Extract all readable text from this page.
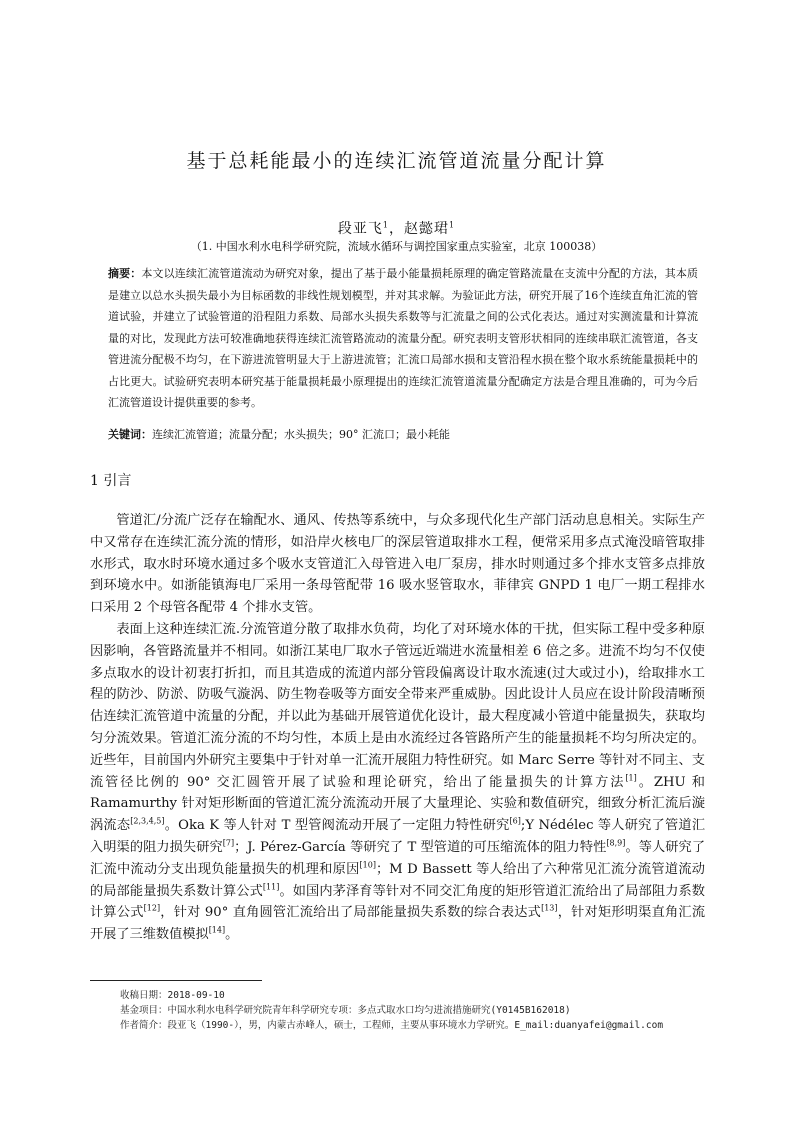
基于总耗能最小的连续汇流管道流量分配计算
段亚飞$^1$，赵懿珺$^1$
（1. 中国水利水电科学研究院，流域水循环与调控国家重点实验室，北京 100038）
摘要：本文以连续汇流管道流动为研究对象，提出了基于最小能量损耗原理的确定管路流量在支流中分配的方法，其本质是建立以总水头损失最小为目标函数的非线性规划模型，并对其求解。为验证此方法，研究开展了16个连续直角汇流的管道试验，并建立了试验管道的沿程阻力系数、局部水头损失系数等与汇流量之间的公式化表达。通过对实测流量和计算流量的对比，发现此方法可较准确地获得连续汇流管路流动的流量分配。研究表明支管形状相同的连续串联汇流管道，各支管进流分配极不均匀，在下游进流管明显大于上游进流管；汇流口局部水损和支管沿程水损在整个取水系统能量损耗中的占比更大。试验研究表明本研究基于能量损耗最小原理提出的连续汇流管道流量分配确定方法是合理且准确的，可为今后汇流管道设计提供重要的参考。
关键词：连续汇流管道；流量分配；水头损失；90° 汇流口；最小耗能
1 引言

管道汇/分流广泛存在输配水、通风、传热等系统中，与众多现代化生产部门活动息息相关。实际生产中又常存在连续汇流分流的情形，如沿岸火核电厂的深层管道取排水工程，便常采用多点式淹没暗管取排水形式，取水时环境水通过多个吸水支管道汇入母管进入电厂泵房，排水时则通过多个排水支管多点排放到环境水中。如浙能镇海电厂采用一条母管配带 16 吸水竖管取水，菲律宾 GNPD 1 电厂一期工程排水口采用 2 个母管各配带 4 个排水支管。

表面上这种连续汇流.分流管道分散了取排水负荷，均化了对环境水体的干扰，但实际工程中受多种原因影响，各管路流量并不相同。如浙江某电厂取水子管远近端进水流量相差 6 倍之多。进流不均匀不仅使多点取水的设计初衷打折扣，而且其造成的流道内部分管段偏离设计取水流速(过大或过小)，给取排水工程的防沙、防淤、防吸气漩涡、防生物卷吸等方面安全带来严重威胁。因此设计人员应在设计阶段清晰预估连续汇流管道中流量的分配，并以此为基础开展管道优化设计，最大程度减小管道中能量损失，获取均匀分流效果。管道汇流分流的不均匀性，本质上是由水流经过各管路所产生的能量损耗不均匀所决定的。近些年，目前国内外研究主要集中于针对单一汇流开展阻力特性研究。如 Marc Serre 等针对不同主、支流管径比例的 90° 交汇圆管开展了试验和理论研究，给出了能量损失的计算方法[1]。ZHU 和 Ramamurthy 针对矩形断面的管道汇流分流流动开展了大量理论、实验和数值研究，细致分析汇流后漩涡流态[2,3,4,5]。Oka K 等人针对 T 型管阀流动开展了一定阻力特性研究[6];Y Nédélec 等人研究了管道汇入明渠的阻力损失研究[7]；J. Pérez-García 等研究了 T 型管道的可压缩流体的阻力特性[8,9]。等人研究了汇流中流动分支出现负能量损失的机理和原因[10]；M D Bassett 等人给出了六种常见汇流分流管道流动的局部能量损失系数计算公式[11]。如国内茅泽育等针对不同交汇角度的矩形管道汇流给出了局部阻力系数计算公式[12]，针对 90° 直角圆管汇流给出了局部能量损失系数的综合表达式[13]，针对矩形明渠直角汇流开展了三维数值模拟[14]。

收稿日期：2018-09-10
基金项目：中国水利水电科学研究院青年科学研究专项：多点式取水口均匀进流措施研究(Y0145B162018)
作者简介：段亚飞（1990-），男，内蒙古赤峰人，硕士，工程师，主要从事环境水力学研究。E_mail:duanyafei@gmail.com
